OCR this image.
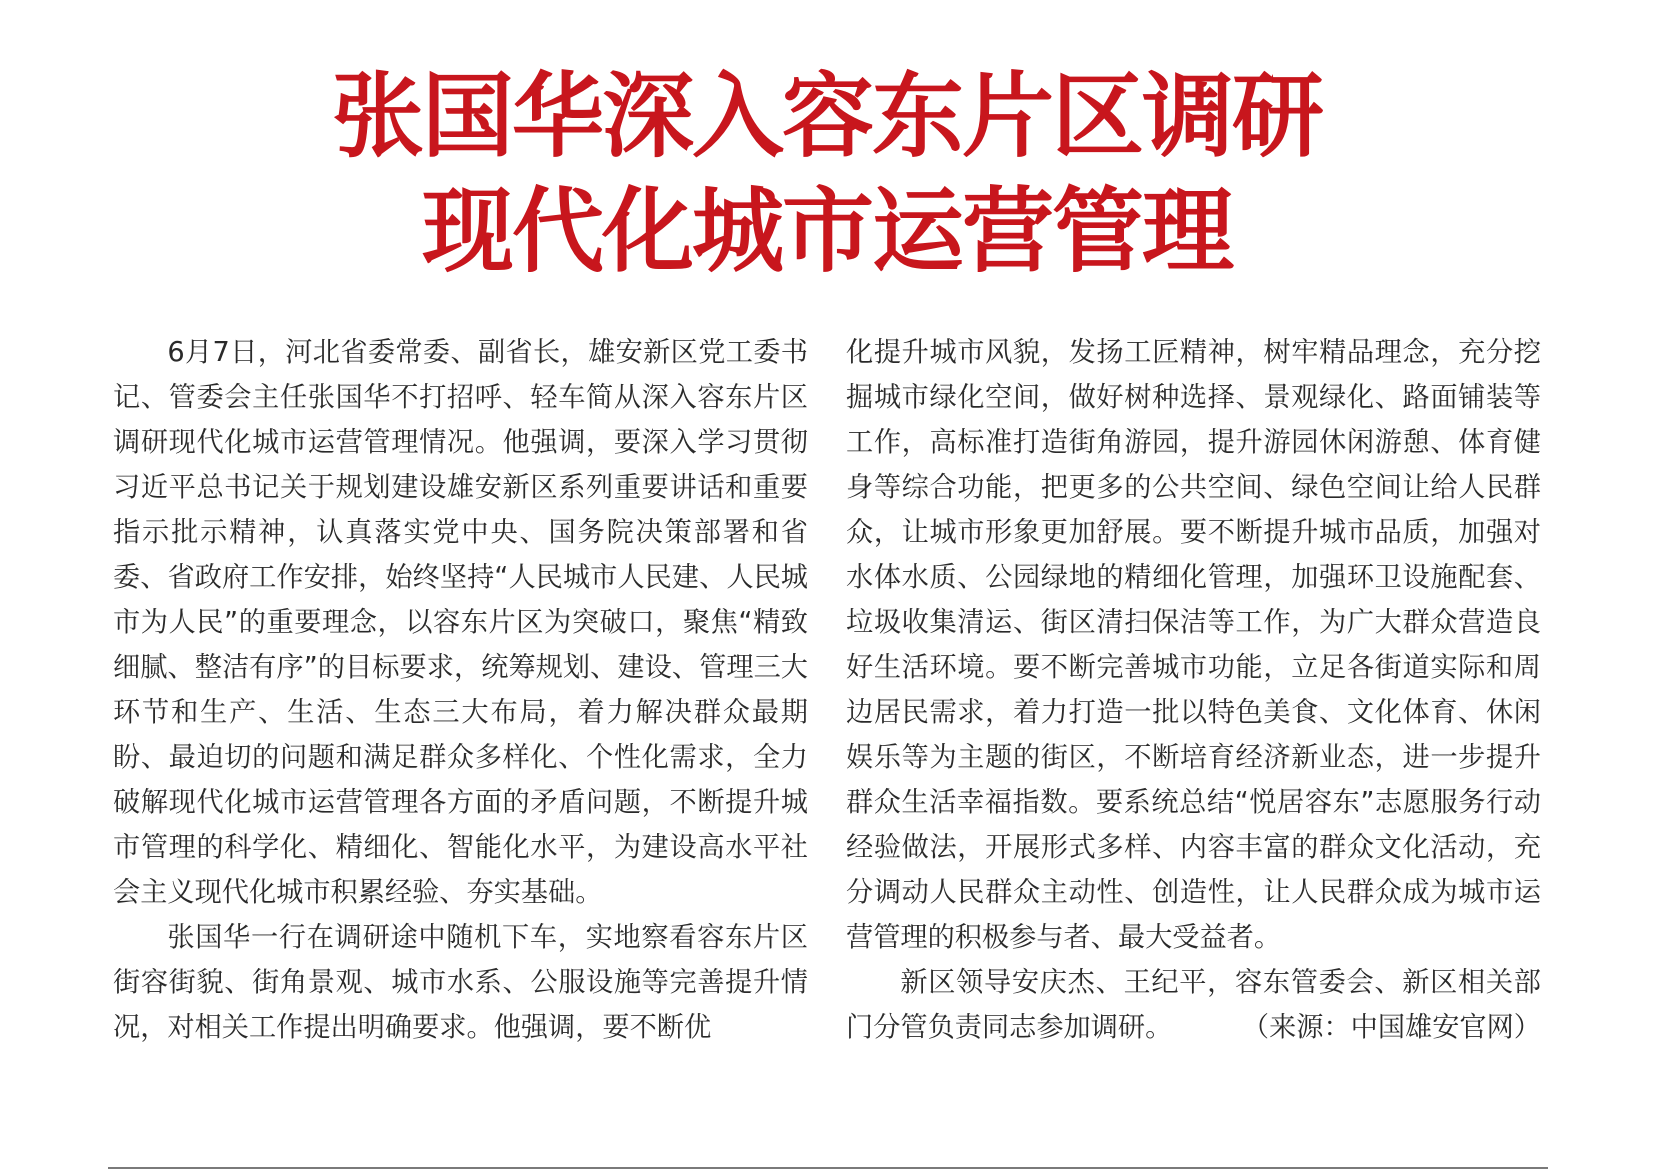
张国华深入容东片区调研
现代化城市运营管理

6月7日，河北省委常委、副省长，雄安新区党工委书记、管委会主任张国华不打招呼、轻车简从深入容东片区调研现代化城市运营管理情况。他强调，要深入学习贯彻习近平总书记关于规划建设雄安新区系列重要讲话和重要指示批示精神，认真落实党中央、国务院决策部署和省委、省政府工作安排，始终坚持“人民城市人民建、人民城市为人民”的重要理念，以容东片区为突破口，聚焦“精致细腻、整洁有序”的目标要求，统筹规划、建设、管理三大环节和生产、生活、生态三大布局，着力解决群众最期盼、最迫切的问题和满足群众多样化、个性化需求，全力破解现代化城市运营管理各方面的矛盾问题，不断提升城市管理的科学化、精细化、智能化水平，为建设高水平社会主义现代化城市积累经验、夯实基础。

张国华一行在调研途中随机下车，实地察看容东片区街容街貌、街角景观、城市水系、公服设施等完善提升情况，对相关工作提出明确要求。他强调，要不断优

化提升城市风貌，发扬工匠精神，树牢精品理念，充分挖掘城市绿化空间，做好树种选择、景观绿化、路面铺装等工作，高标准打造街角游园，提升游园休闲游憩、体育健身等综合功能，把更多的公共空间、绿色空间让给人民群众，让城市形象更加舒展。要不断提升城市品质，加强对水体水质、公园绿地的精细化管理，加强环卫设施配套、垃圾收集清运、街区清扫保洁等工作，为广大群众营造良好生活环境。要不断完善城市功能，立足各街道实际和周边居民需求，着力打造一批以特色美食、文化体育、休闲娱乐等为主题的街区，不断培育经济新业态，进一步提升群众生活幸福指数。要系统总结“悦居容东”志愿服务行动经验做法，开展形式多样、内容丰富的群众文化活动，充分调动人民群众主动性、创造性，让人民群众成为城市运营管理的积极参与者、最大受益者。

新区领导安庆杰、王纪平，容东管委会、新区相关部门分管负责同志参加调研。	（来源：中国雄安官网）
